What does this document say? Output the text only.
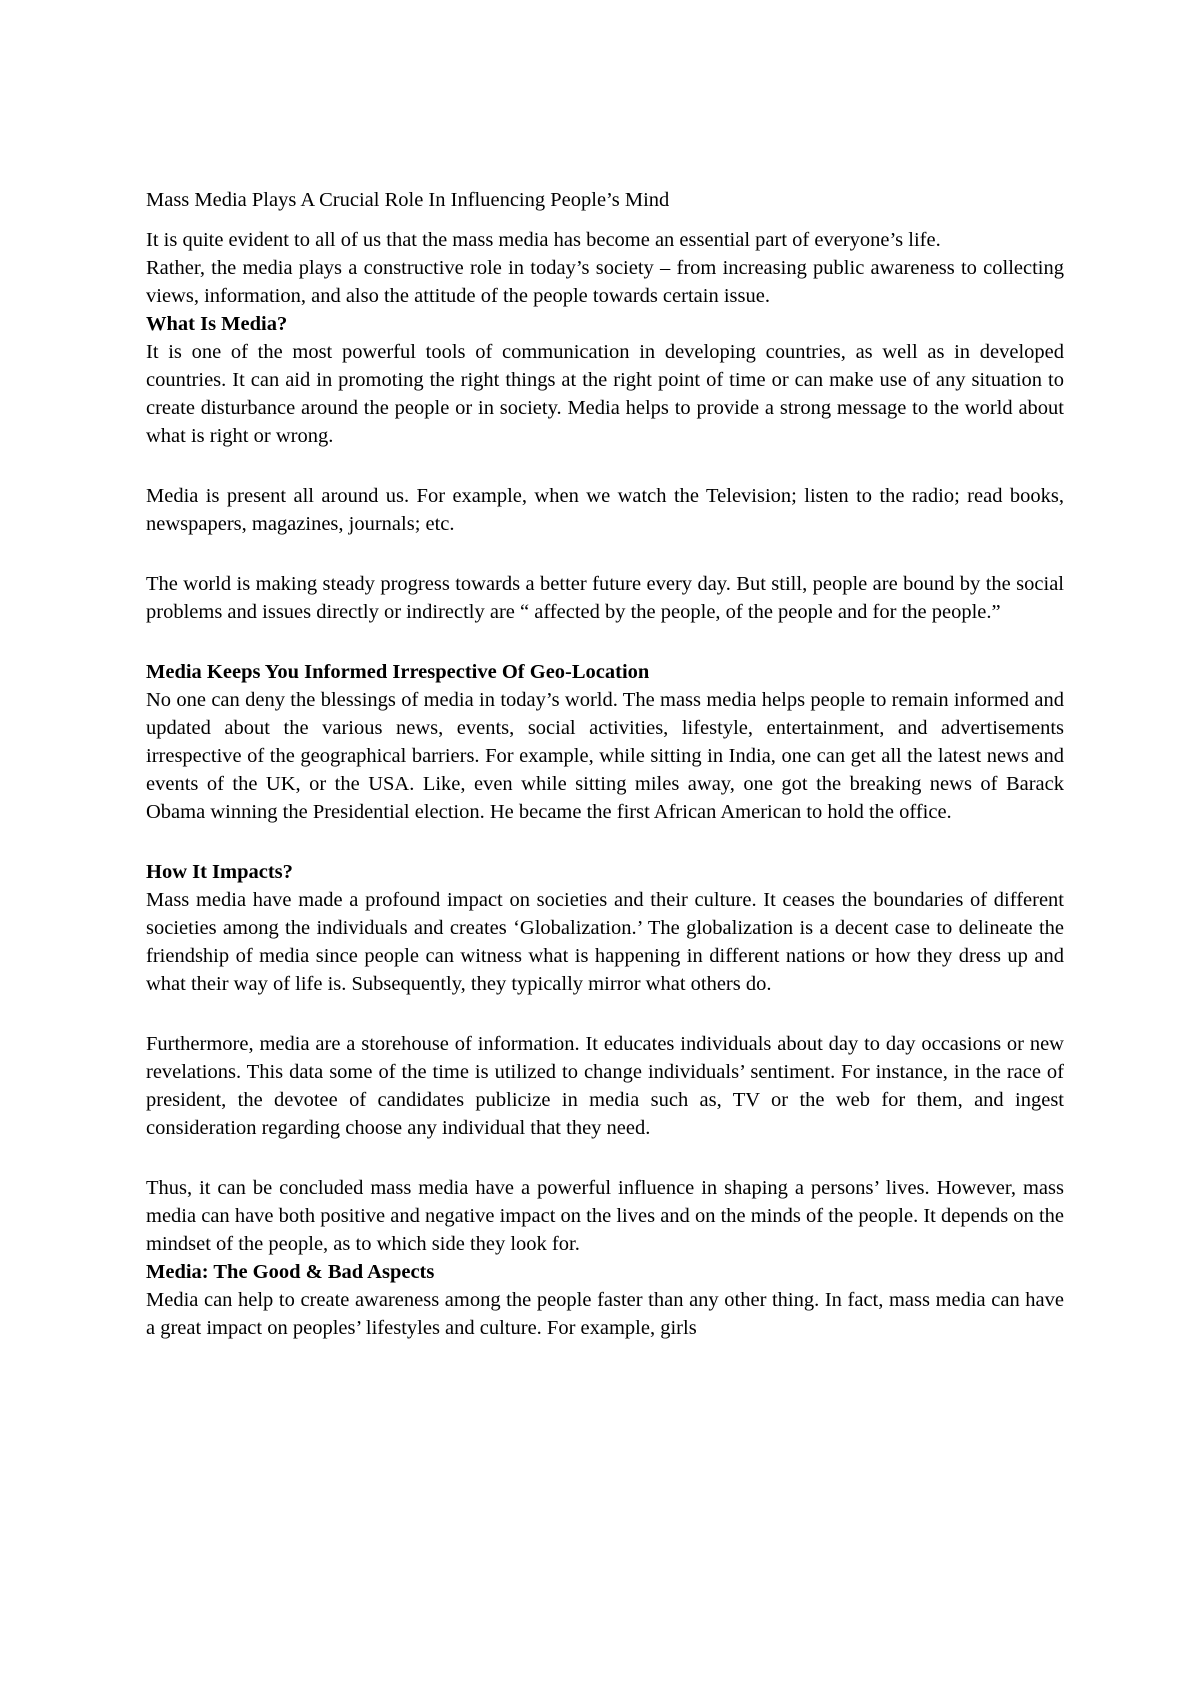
Mass Media Plays A Crucial Role In Influencing People’s Mind

It is quite evident to all of us that the mass media has become an essential part of everyone’s life.

Rather, the media plays a constructive role in today’s society – from increasing public awareness to collecting views, information, and also the attitude of the people towards certain issue.

What Is Media?

It is one of the most powerful tools of communication in developing countries, as well as in developed countries. It can aid in promoting the right things at the right point of time or can make use of any situation to create disturbance around the people or in society. Media helps to provide a strong message to the world about what is right or wrong.

Media is present all around us. For example, when we watch the Television; listen to the radio; read books, newspapers, magazines, journals; etc.

The world is making steady progress towards a better future every day. But still, people are bound by the social problems and issues directly or indirectly are “ affected by the people, of the people and for the people.”

Media Keeps You Informed Irrespective Of Geo-Location

No one can deny the blessings of media in today’s world. The mass media helps people to remain informed and updated about the various news, events, social activities, lifestyle, entertainment, and advertisements irrespective of the geographical barriers. For example, while sitting in India, one can get all the latest news and events of the UK, or the USA. Like, even while sitting miles away, one got the breaking news of Barack Obama winning the Presidential election. He became the first African American to hold the office.

How It Impacts?

Mass media have made a profound impact on societies and their culture. It ceases the boundaries of different societies among the individuals and creates ‘Globalization.’ The globalization is a decent case to delineate the friendship of media since people can witness what is happening in different nations or how they dress up and what their way of life is. Subsequently, they typically mirror what others do.

Furthermore, media are a storehouse of information. It educates individuals about day to day occasions or new revelations. This data some of the time is utilized to change individuals’ sentiment. For instance, in the race of president, the devotee of candidates publicize in media such as, TV or the web for them, and ingest consideration regarding choose any individual that they need.

Thus, it can be concluded mass media have a powerful influence in shaping a persons’ lives. However, mass media can have both positive and negative impact on the lives and on the minds of the people. It depends on the mindset of the people, as to which side they look for.

Media: The Good & Bad Aspects

Media can help to create awareness among the people faster than any other thing. In fact, mass media can have a great impact on peoples’ lifestyles and culture. For example, girls
